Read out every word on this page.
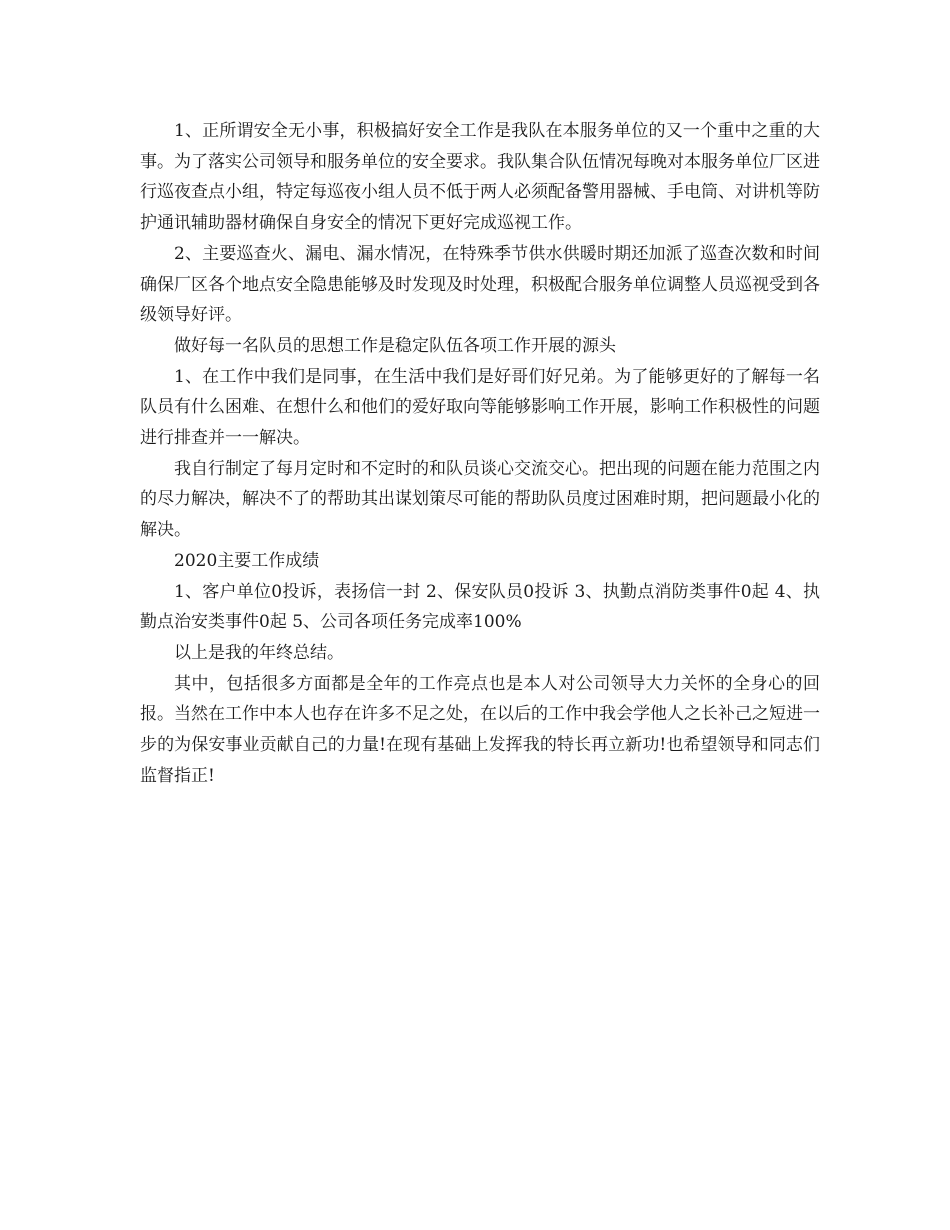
1、正所谓安全无小事，积极搞好安全工作是我队在本服务单位的又一个重中之重的大事。为了落实公司领导和服务单位的安全要求。我队集合队伍情况每晚对本服务单位厂区进行巡夜查点小组，特定每巡夜小组人员不低于两人必须配备警用器械、手电筒、对讲机等防护通讯辅助器材确保自身安全的情况下更好完成巡视工作。

2、主要巡查火、漏电、漏水情况，在特殊季节供水供暖时期还加派了巡查次数和时间确保厂区各个地点安全隐患能够及时发现及时处理，积极配合服务单位调整人员巡视受到各级领导好评。

做好每一名队员的思想工作是稳定队伍各项工作开展的源头

1、在工作中我们是同事，在生活中我们是好哥们好兄弟。为了能够更好的了解每一名队员有什么困难、在想什么和他们的爱好取向等能够影响工作开展，影响工作积极性的问题进行排查并一一解决。

我自行制定了每月定时和不定时的和队员谈心交流交心。把出现的问题在能力范围之内的尽力解决，解决不了的帮助其出谋划策尽可能的帮助队员度过困难时期，把问题最小化的解决。

2020主要工作成绩

1、客户单位0投诉，表扬信一封 2、保安队员0投诉 3、执勤点消防类事件0起 4、执勤点治安类事件0起 5、公司各项任务完成率100%

以上是我的年终总结。

其中，包括很多方面都是全年的工作亮点也是本人对公司领导大力关怀的全身心的回报。当然在工作中本人也存在许多不足之处，在以后的工作中我会学他人之长补己之短进一步的为保安事业贡献自己的力量!在现有基础上发挥我的特长再立新功!也希望领导和同志们监督指正!
